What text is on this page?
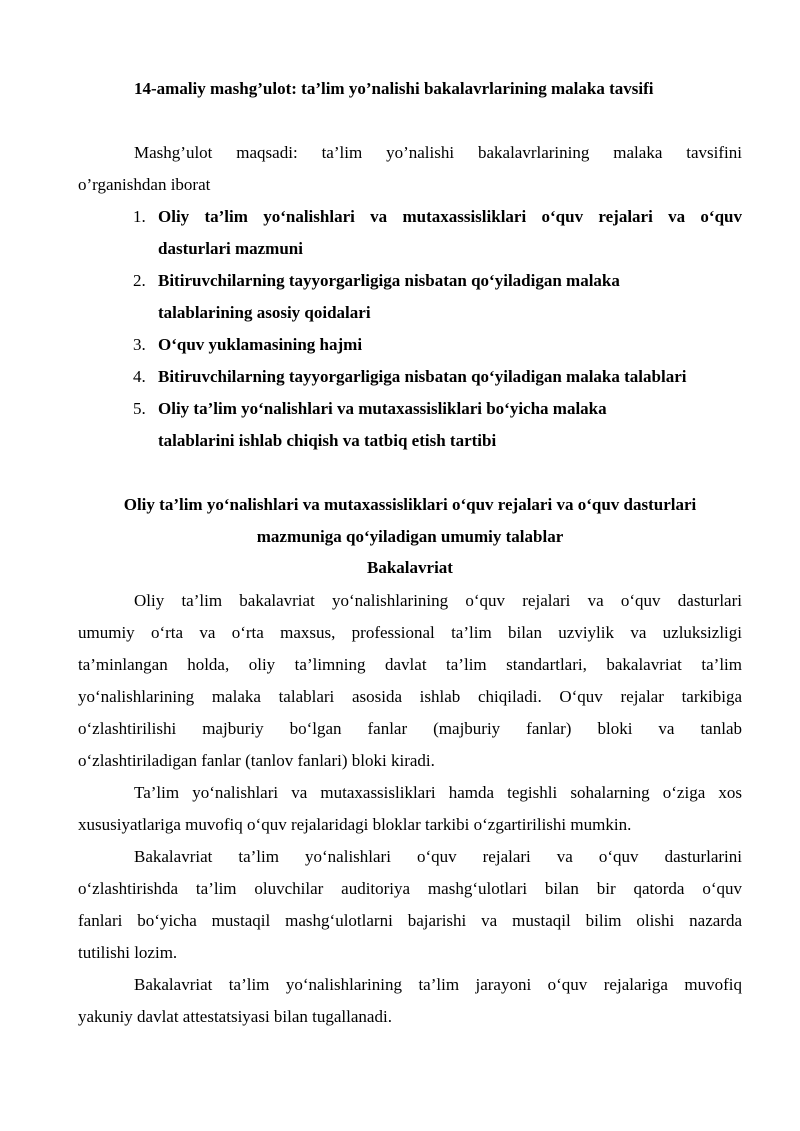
14-amaliy mashg’ulot: ta’lim yo’nalishi bakalavrlarining malaka tavsifi

Mashg’ulot maqsadi: ta’lim yo’nalishi bakalavrlarining malaka tavsifini
o’rganishdan iborat
1. Oliy ta’lim yo‘nalishlari va mutaxassisliklari o‘quv rejalari va o‘quv
dasturlari mazmuni
2. Bitiruvchilarning tayyorgarligiga nisbatan qo‘yiladigan malaka
talablarining asosiy qoidalari
3. O‘quv yuklamasining hajmi
4. Bitiruvchilarning tayyorgarligiga nisbatan qo‘yiladigan malaka talablari
5. Oliy ta’lim yo‘nalishlari va mutaxassisliklari bo‘yicha malaka
talablarini ishlab chiqish va tatbiq etish tartibi
Oliy ta’lim yo‘nalishlari va mutaxassisliklari o‘quv rejalari va o‘quv dasturlari
mazmuniga qo‘yiladigan umumiy talablar

Bakalavriat

Oliy ta’lim bakalavriat yo‘nalishlarining o‘quv rejalari va o‘quv dasturlari
umumiy o‘rta va o‘rta maxsus, professional ta’lim bilan uzviylik va uzluksizligi
ta’minlangan holda, oliy ta’limning davlat ta’lim standartlari, bakalavriat ta’lim
yo‘nalishlarining malaka talablari asosida ishlab chiqiladi. O‘quv rejalar tarkibiga
o‘zlashtirilishi majburiy bo‘lgan fanlar (majburiy fanlar) bloki va tanlab
o‘zlashtiriladigan fanlar (tanlov fanlari) bloki kiradi.
Ta’lim yo‘nalishlari va mutaxassisliklari hamda tegishli sohalarning o‘ziga xos
xususiyatlariga muvofiq o‘quv rejalaridagi bloklar tarkibi o‘zgartirilishi mumkin.
Bakalavriat ta’lim yo‘nalishlari o‘quv rejalari va o‘quv dasturlarini
o‘zlashtirishda ta’lim oluvchilar auditoriya mashg‘ulotlari bilan bir qatorda o‘quv
fanlari bo‘yicha mustaqil mashg‘ulotlarni bajarishi va mustaqil bilim olishi nazarda
tutilishi lozim.
Bakalavriat ta’lim yo‘nalishlarining ta’lim jarayoni o‘quv rejalariga muvofiq
yakuniy davlat attestatsiyasi bilan tugallanadi.
